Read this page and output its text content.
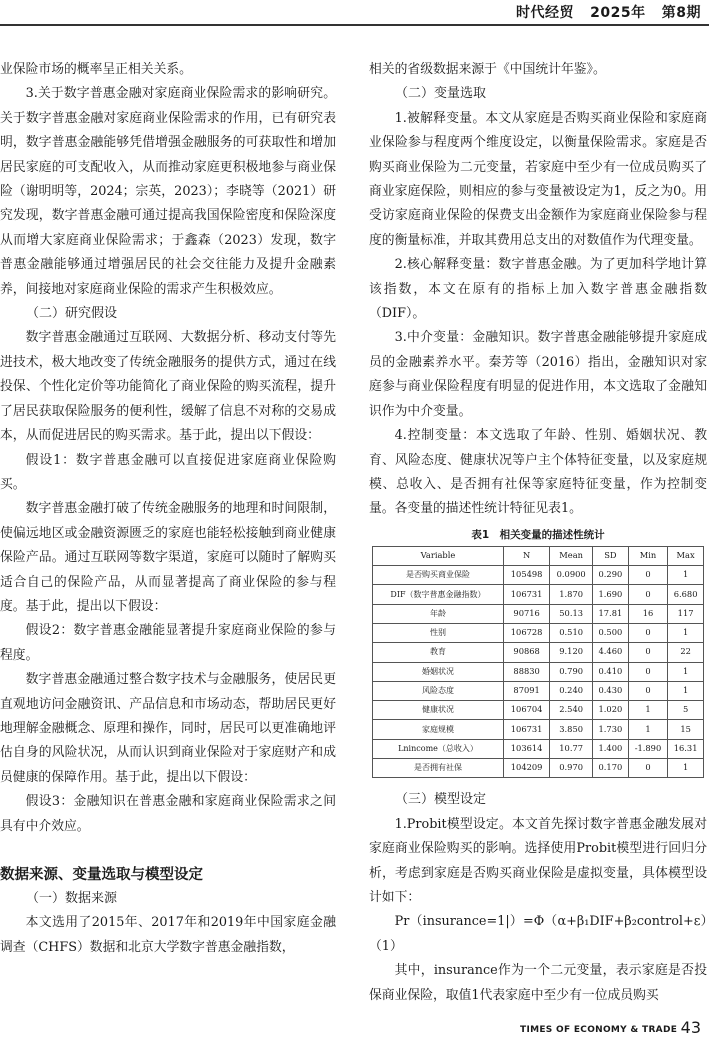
时代经贸 2025年 第8期

业保险市场的概率呈正相关关系。

3.关于数字普惠金融对家庭商业保险需求的影响研究。关于数字普惠金融对家庭商业保险需求的作用，已有研究表明，数字普惠金融能够凭借增强金融服务的可获取性和增加居民家庭的可支配收入，从而推动家庭更积极地参与商业保险（谢明明等，2024；宗英，2023）；李晓等（2021）研究发现，数字普惠金融可通过提高我国保险密度和保险深度从而增大家庭商业保险需求；于鑫森（2023）发现，数字普惠金融能够通过增强居民的社会交往能力及提升金融素养，间接地对家庭商业保险的需求产生积极效应。

（二）研究假设

数字普惠金融通过互联网、大数据分析、移动支付等先进技术，极大地改变了传统金融服务的提供方式，通过在线投保、个性化定价等功能简化了商业保险的购买流程，提升了居民获取保险服务的便利性，缓解了信息不对称的交易成本，从而促进居民的购买需求。基于此，提出以下假设：

假设1：数字普惠金融可以直接促进家庭商业保险购买。

数字普惠金融打破了传统金融服务的地理和时间限制，使偏远地区或金融资源匮乏的家庭也能轻松接触到商业健康保险产品。通过互联网等数字渠道，家庭可以随时了解购买适合自己的保险产品，从而显著提高了商业保险的参与程度。基于此，提出以下假设：

假设2：数字普惠金融能显著提升家庭商业保险的参与程度。

数字普惠金融通过整合数字技术与金融服务，使居民更直观地访问金融资讯、产品信息和市场动态，帮助居民更好地理解金融概念、原理和操作，同时，居民可以更准确地评估自身的风险状况，从而认识到商业保险对于家庭财产和成员健康的保障作用。基于此，提出以下假设：

假设3：金融知识在普惠金融和家庭商业保险需求之间具有中介效应。

数据来源、变量选取与模型设定

（一）数据来源

本文选用了2015年、2017年和2019年中国家庭金融调查（CHFS）数据和北京大学数字普惠金融指数，

相关的省级数据来源于《中国统计年鉴》。

（二）变量选取

1.被解释变量。本文从家庭是否购买商业保险和家庭商业保险参与程度两个维度设定，以衡量保险需求。家庭是否购买商业保险为二元变量，若家庭中至少有一位成员购买了商业家庭保险，则相应的参与变量被设定为1，反之为0。用受访家庭商业保险的保费支出金额作为家庭商业保险参与程度的衡量标准，并取其费用总支出的对数值作为代理变量。

2.核心解释变量：数字普惠金融。为了更加科学地计算该指数，本文在原有的指标上加入数字普惠金融指数（DIF）。

3.中介变量：金融知识。数字普惠金融能够提升家庭成员的金融素养水平。秦芳等（2016）指出，金融知识对家庭参与商业保险程度有明显的促进作用，本文选取了金融知识作为中介变量。

4.控制变量：本文选取了年龄、性别、婚姻状况、教育、风险态度、健康状况等户主个体特征变量，以及家庭规模、总收入、是否拥有社保等家庭特征变量，作为控制变量。各变量的描述性统计特征见表1。

表1　相关变量的描述性统计
Variable	N	Mean	SD	Min	Max
是否购买商业保险	105498	0.0900	0.290	0	1
DIF（数字普惠金融指数）	106731	1.870	1.690	0	6.680
年龄	90716	50.13	17.81	16	117
性别	106728	0.510	0.500	0	1
教育	90868	9.120	4.460	0	22
婚姻状况	88830	0.790	0.410	0	1
风险态度	87091	0.240	0.430	0	1
健康状况	106704	2.540	1.020	1	5
家庭规模	106731	3.850	1.730	1	15
Lnincome（总收入）	103614	10.77	1.400	-1.890	16.31
是否拥有社保	104209	0.970	0.170	0	1

（三）模型设定

1.Probit模型设定。本文首先探讨数字普惠金融发展对家庭商业保险购买的影响。选择使用Probit模型进行回归分析，考虑到家庭是否购买商业保险是虚拟变量，具体模型设计如下：

Pr（insurance=1|）=Φ（α+β₁DIF+β₂control+ε）（1）

其中，insurance作为一个二元变量，表示家庭是否投保商业保险，取值1代表家庭中至少有一位成员购买

TIMES OF ECONOMY & TRADE 43
